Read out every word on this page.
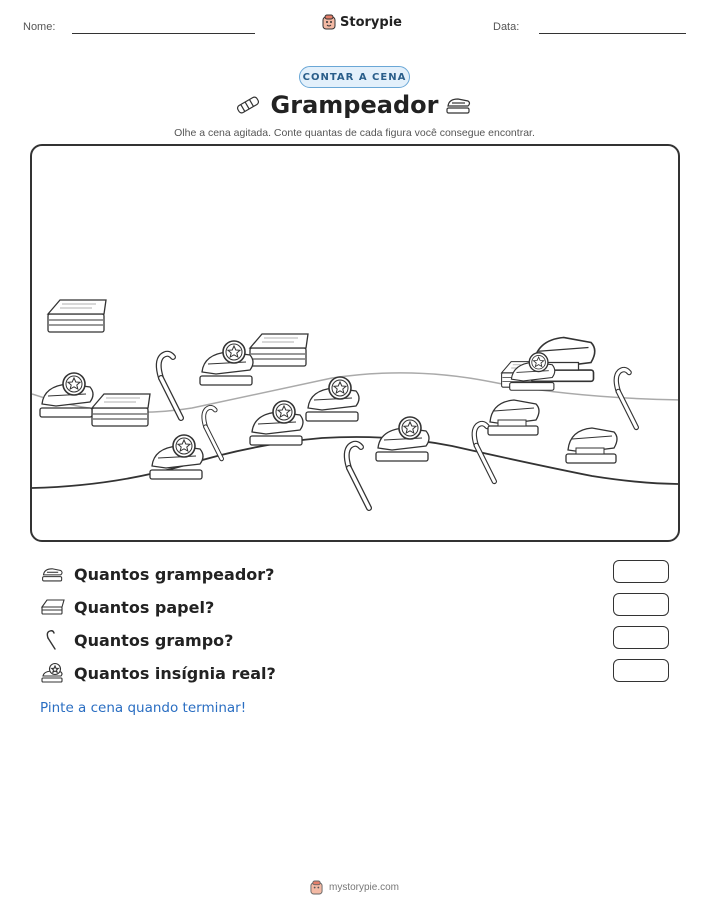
Nome:	Storypie	Data:
CONTAR A CENA
Grampeador
Olhe a cena agitada. Conte quantas de cada figura você consegue encontrar.
Quantos grampeador?
Quantos papel?
Quantos grampo?
Quantos insígnia real?
Pinte a cena quando terminar!
mystorypie.com
